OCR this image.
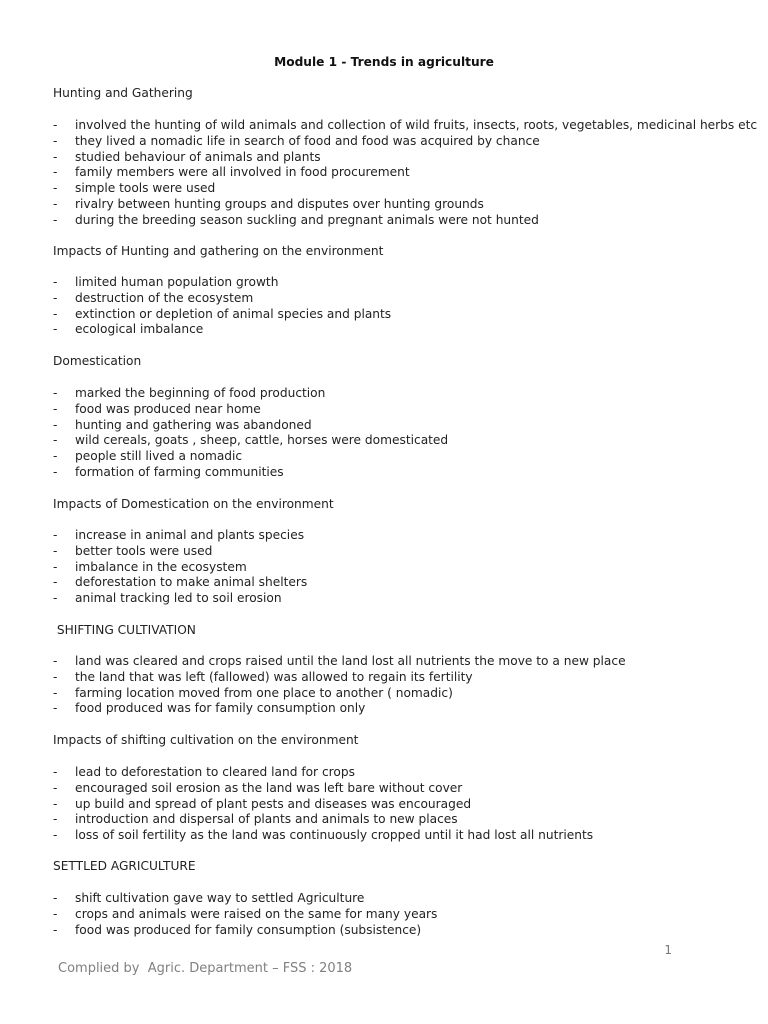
Module 1 - Trends in agriculture
Hunting and Gathering
- involved the hunting of wild animals and collection of wild fruits, insects, roots, vegetables, medicinal herbs etc
- they lived a nomadic life in search of food and food was acquired by chance
- studied behaviour of animals and plants
- family members were all involved in food procurement
- simple tools were used
- rivalry between hunting groups and disputes over hunting grounds
- during the breeding season suckling and pregnant animals were not hunted
Impacts of Hunting and gathering on the environment
- limited human population growth
- destruction of the ecosystem
- extinction or depletion of animal species and plants
- ecological imbalance
Domestication
- marked the beginning of food production
- food was produced near home
- hunting and gathering was abandoned
- wild cereals, goats , sheep, cattle, horses were domesticated
- people still lived a nomadic
- formation of farming communities
Impacts of Domestication on the environment
- increase in animal and plants species
- better tools were used
- imbalance in the ecosystem
- deforestation to make animal shelters
- animal tracking led to soil erosion
SHIFTING CULTIVATION
- land was cleared and crops raised until the land lost all nutrients the move to a new place
- the land that was left (fallowed) was allowed to regain its fertility
- farming location moved from one place to another ( nomadic)
- food produced was for family consumption only
Impacts of shifting cultivation on the environment
- lead to deforestation to cleared land for crops
- encouraged soil erosion as the land was left bare without cover
- up build and spread of plant pests and diseases was encouraged
- introduction and dispersal of plants and animals to new places
- loss of soil fertility as the land was continuously cropped until it had lost all nutrients
SETTLED AGRICULTURE
- shift cultivation gave way to settled Agriculture
- crops and animals were raised on the same for many years
- food was produced for family consumption (subsistence)
1
Complied by  Agric. Department – FSS : 2018
